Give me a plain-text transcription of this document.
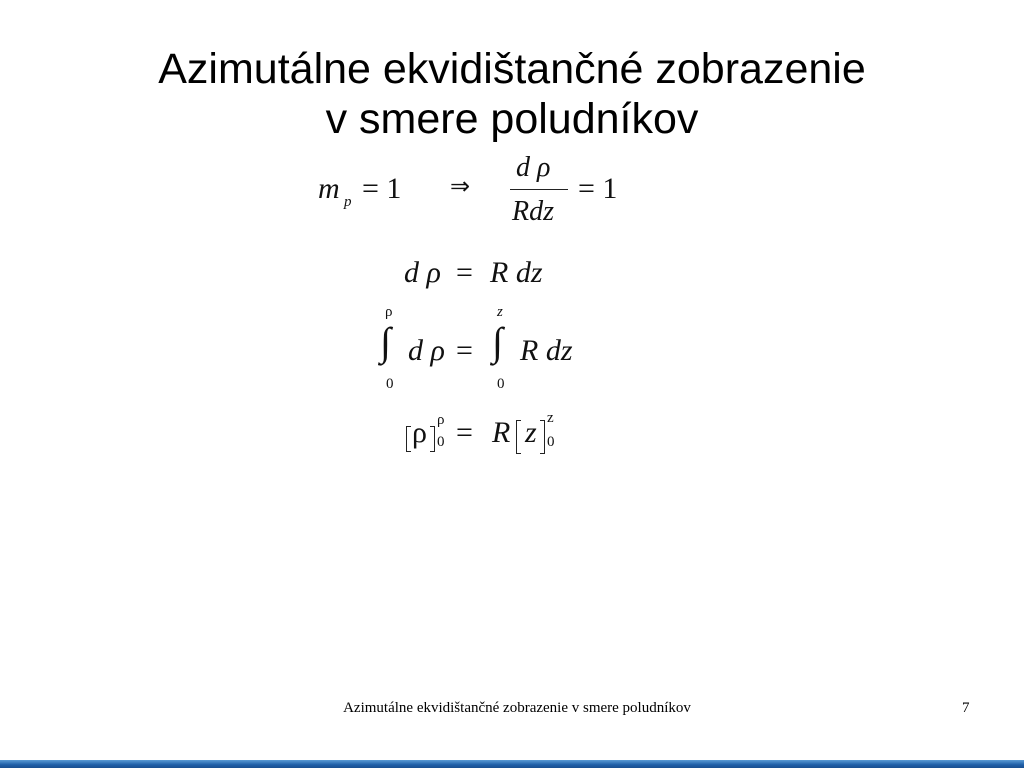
Azimutálne ekvidištančné zobrazenie
v smere poludníkov
m p = 1 ⇒
d ρ
Rdz
= 1
d ρ = R dz
ρ
∫
0
d ρ =
z
∫
0
R dz
ρ ρ
0 = R z z
0
Azimutálne ekvidištančné zobrazenie v smere poludníkov	7
